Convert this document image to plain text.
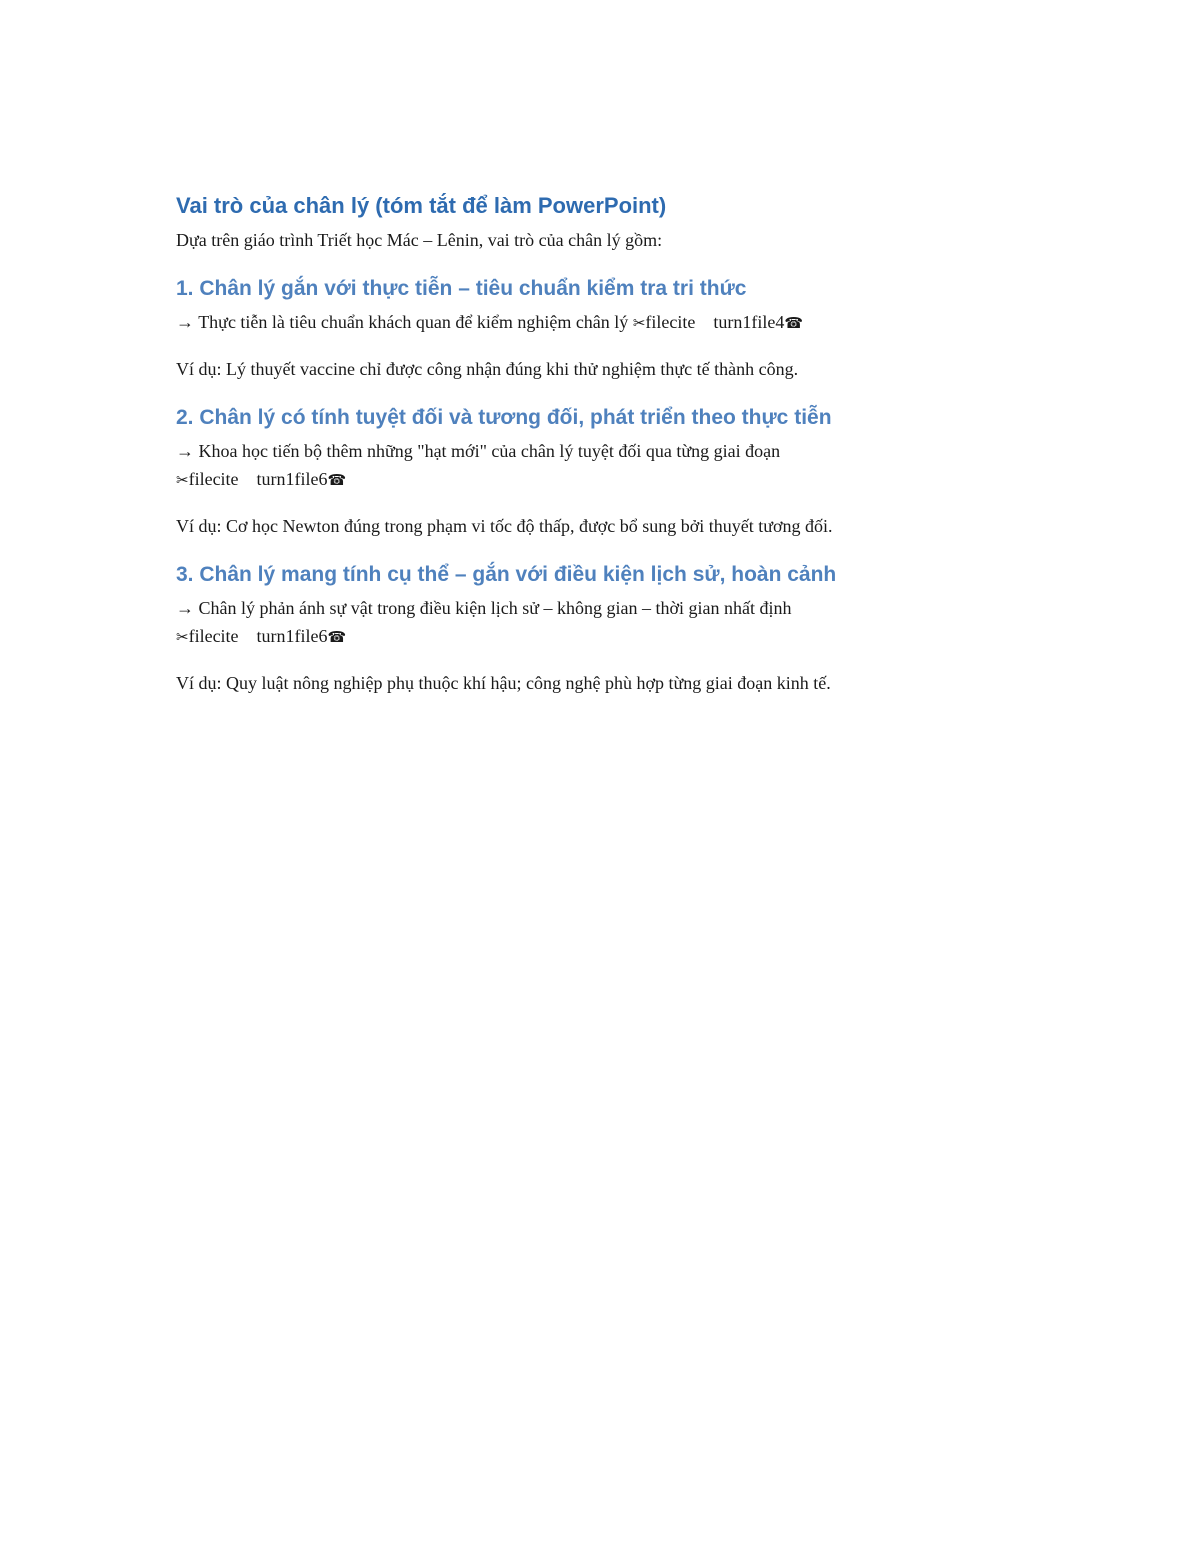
Vai trò của chân lý (tóm tắt để làm PowerPoint)

Dựa trên giáo trình Triết học Mác – Lênin, vai trò của chân lý gồm:

1. Chân lý gắn với thực tiễn – tiêu chuẩn kiểm tra tri thức

→ Thực tiễn là tiêu chuẩn khách quan để kiểm nghiệm chân lý ✂filecite turn1file4☎

Ví dụ: Lý thuyết vaccine chỉ được công nhận đúng khi thử nghiệm thực tế thành công.

2. Chân lý có tính tuyệt đối và tương đối, phát triển theo thực tiễn

→ Khoa học tiến bộ thêm những "hạt mới" của chân lý tuyệt đối qua từng giai đoạn
✂filecite turn1file6☎

Ví dụ: Cơ học Newton đúng trong phạm vi tốc độ thấp, được bổ sung bởi thuyết tương đối.

3. Chân lý mang tính cụ thể – gắn với điều kiện lịch sử, hoàn cảnh

→ Chân lý phản ánh sự vật trong điều kiện lịch sử – không gian – thời gian nhất định
✂filecite turn1file6☎

Ví dụ: Quy luật nông nghiệp phụ thuộc khí hậu; công nghệ phù hợp từng giai đoạn kinh tế.
